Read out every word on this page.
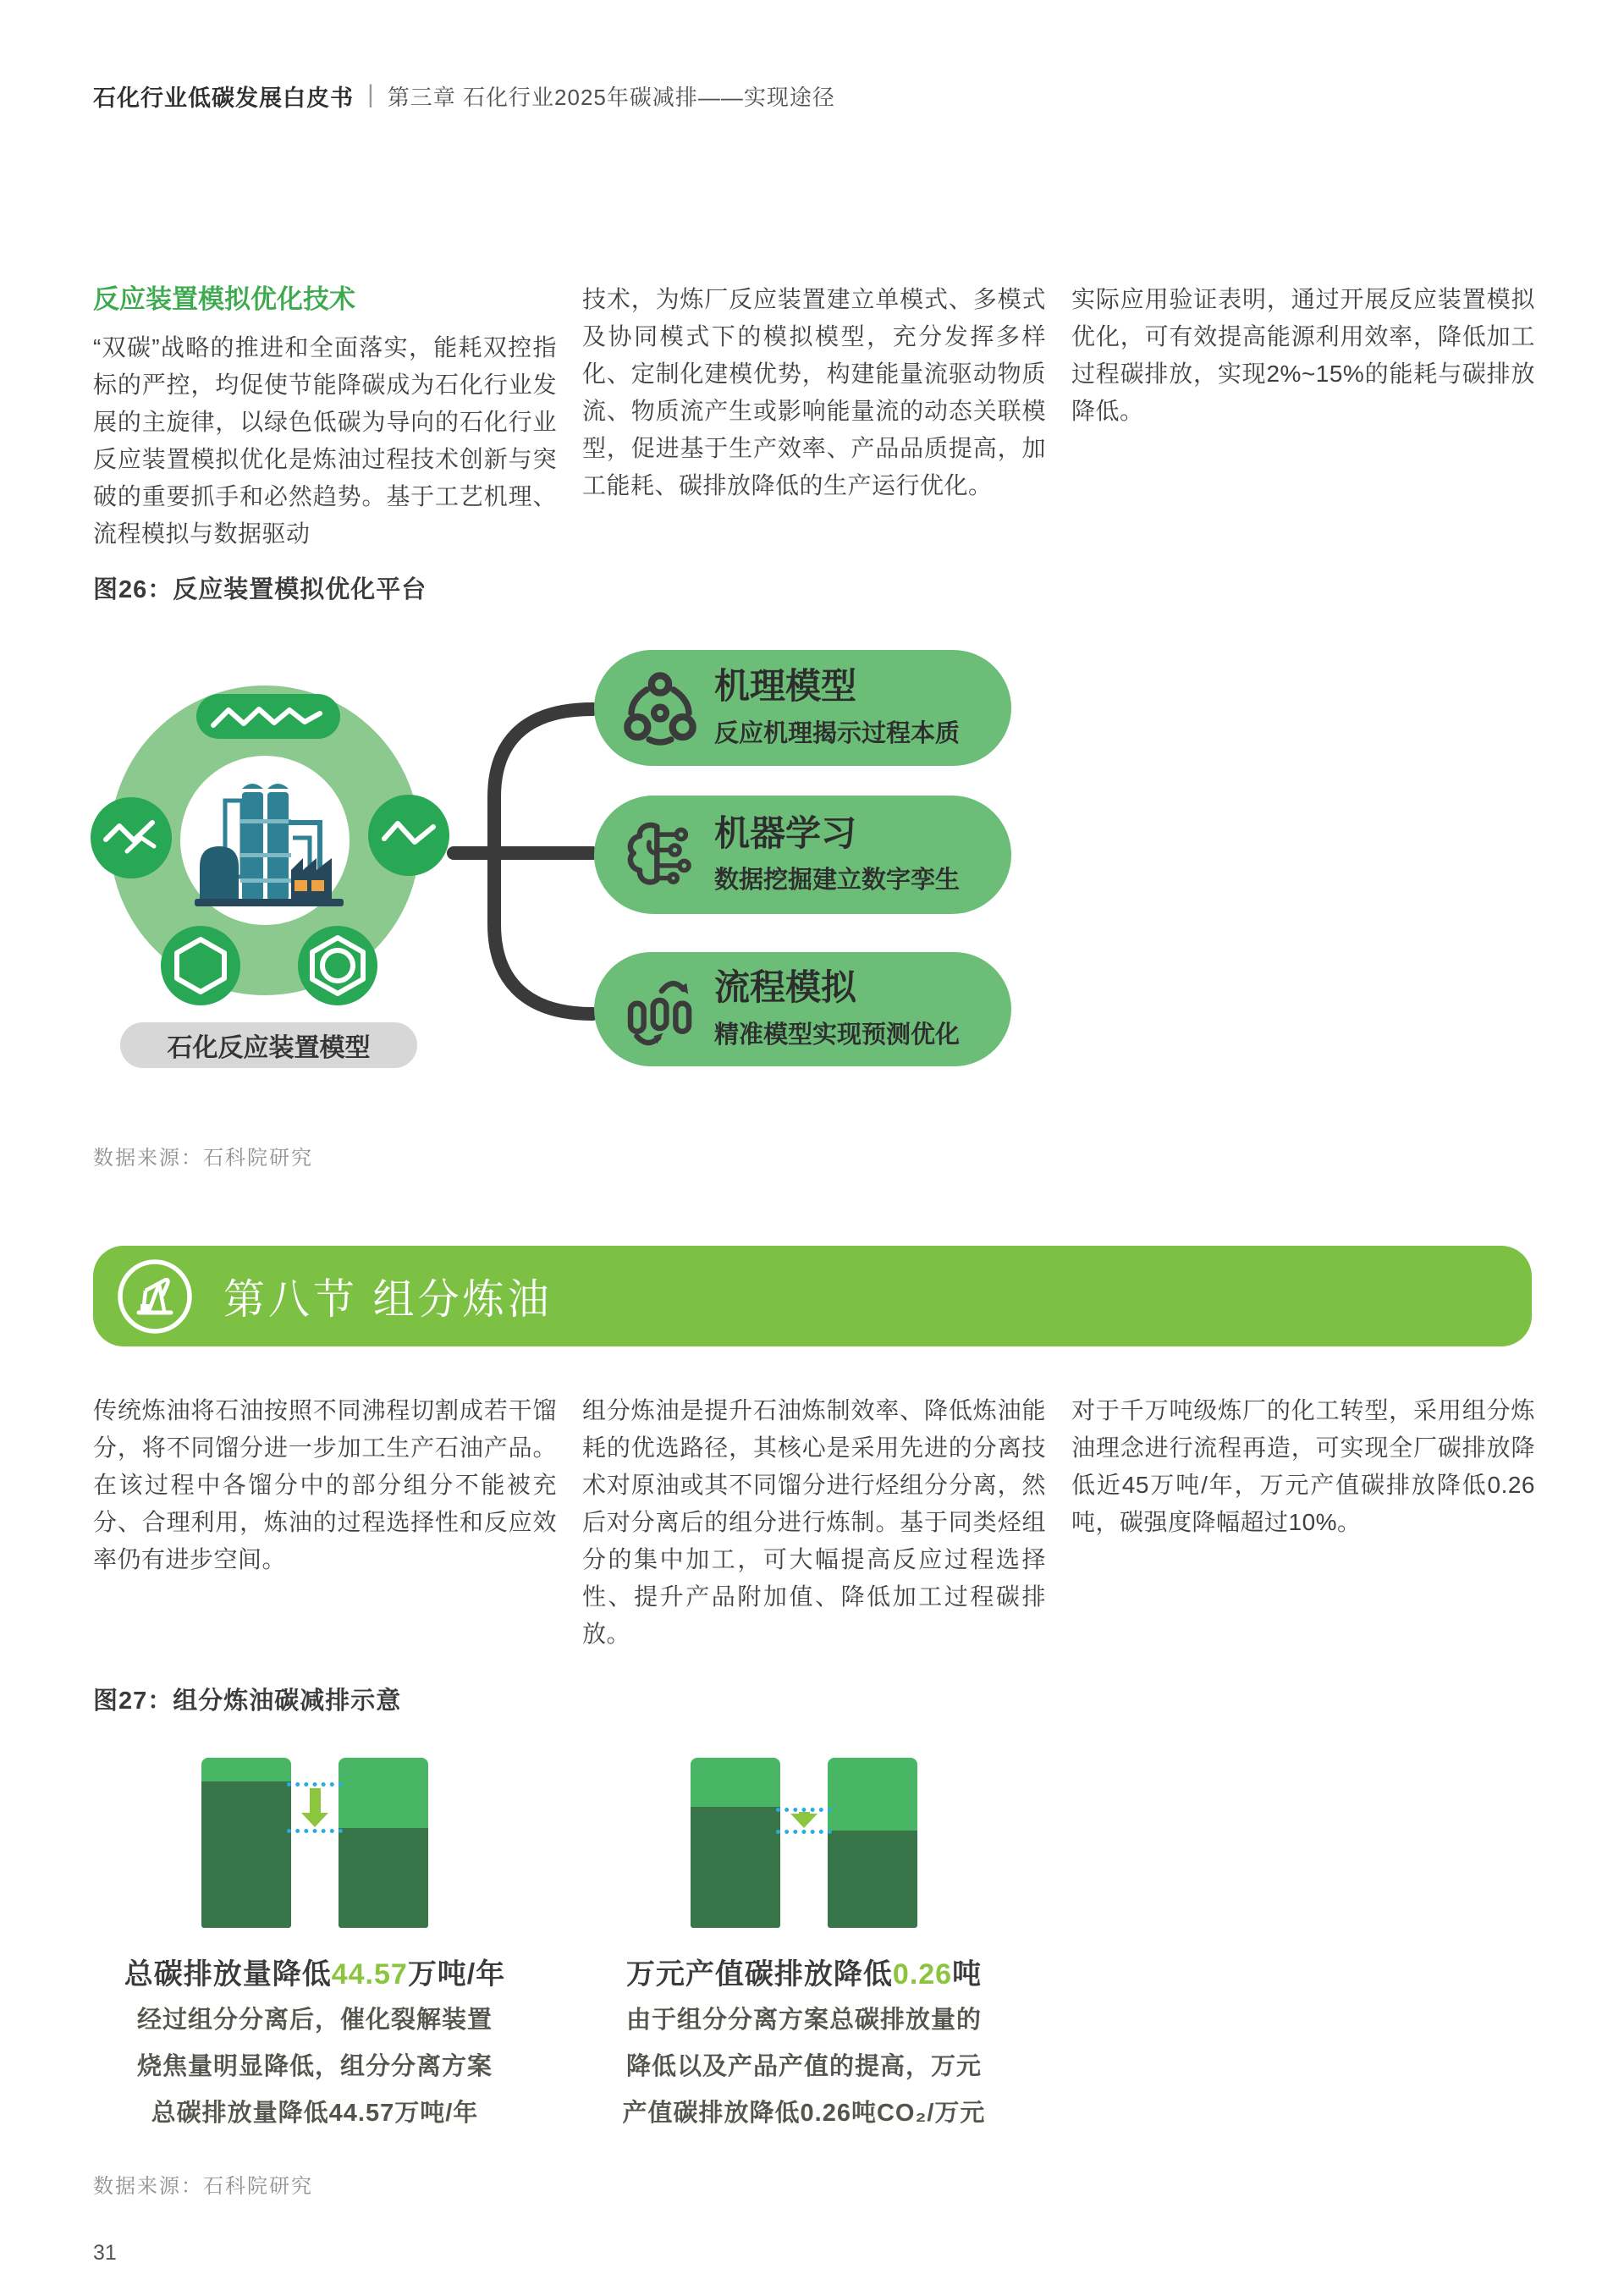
石化行业低碳发展白皮书 | 第三章 石化行业2025年碳减排——实现途径
反应装置模拟优化技术

“双碳”战略的推进和全面落实，能耗双控指标的严控，均促使节能降碳成为石化行业发展的主旋律，以绿色低碳为导向的石化行业反应装置模拟优化是炼油过程技术创新与突破的重要抓手和必然趋势。基于工艺机理、流程模拟与数据驱动

技术，为炼厂反应装置建立单模式、多模式及协同模式下的模拟模型，充分发挥多样化、定制化建模优势，构建能量流驱动物质流、物质流产生或影响能量流的动态关联模型，促进基于生产效率、产品品质提高，加工能耗、碳排放降低的生产运行优化。

实际应用验证表明，通过开展反应装置模拟优化，可有效提高能源利用效率，降低加工过程碳排放，实现2%~15%的能耗与碳排放降低。

图26：反应装置模拟优化平台
石化反应装置模型
机理模型
反应机理揭示过程本质
机器学习
数据挖掘建立数字孪生
流程模拟
精准模型实现预测优化
数据来源：石科院研究
第八节 组分炼油

传统炼油将石油按照不同沸程切割成若干馏分，将不同馏分进一步加工生产石油产品。在该过程中各馏分中的部分组分不能被充分、合理利用，炼油的过程选择性和反应效率仍有进步空间。

组分炼油是提升石油炼制效率、降低炼油能耗的优选路径，其核心是采用先进的分离技术对原油或其不同馏分进行烃组分分离，然后对分离后的组分进行炼制。基于同类烃组分的集中加工，可大幅提高反应过程选择性、提升产品附加值、降低加工过程碳排放。

对于千万吨级炼厂的化工转型，采用组分炼油理念进行流程再造，可实现全厂碳排放降低近45万吨/年，万元产值碳排放降低0.26吨，碳强度降幅超过10%。

图27：组分炼油碳减排示意
总碳排放量降低44.57万吨/年
经过组分分离后，催化裂解装置烧焦量明显降低，组分分离方案总碳排放量降低44.57万吨/年
万元产值碳排放降低0.26吨
由于组分分离方案总碳排放量的降低以及产品产值的提高，万元产值碳排放降低0.26吨CO₂/万元
数据来源：石科院研究
31
